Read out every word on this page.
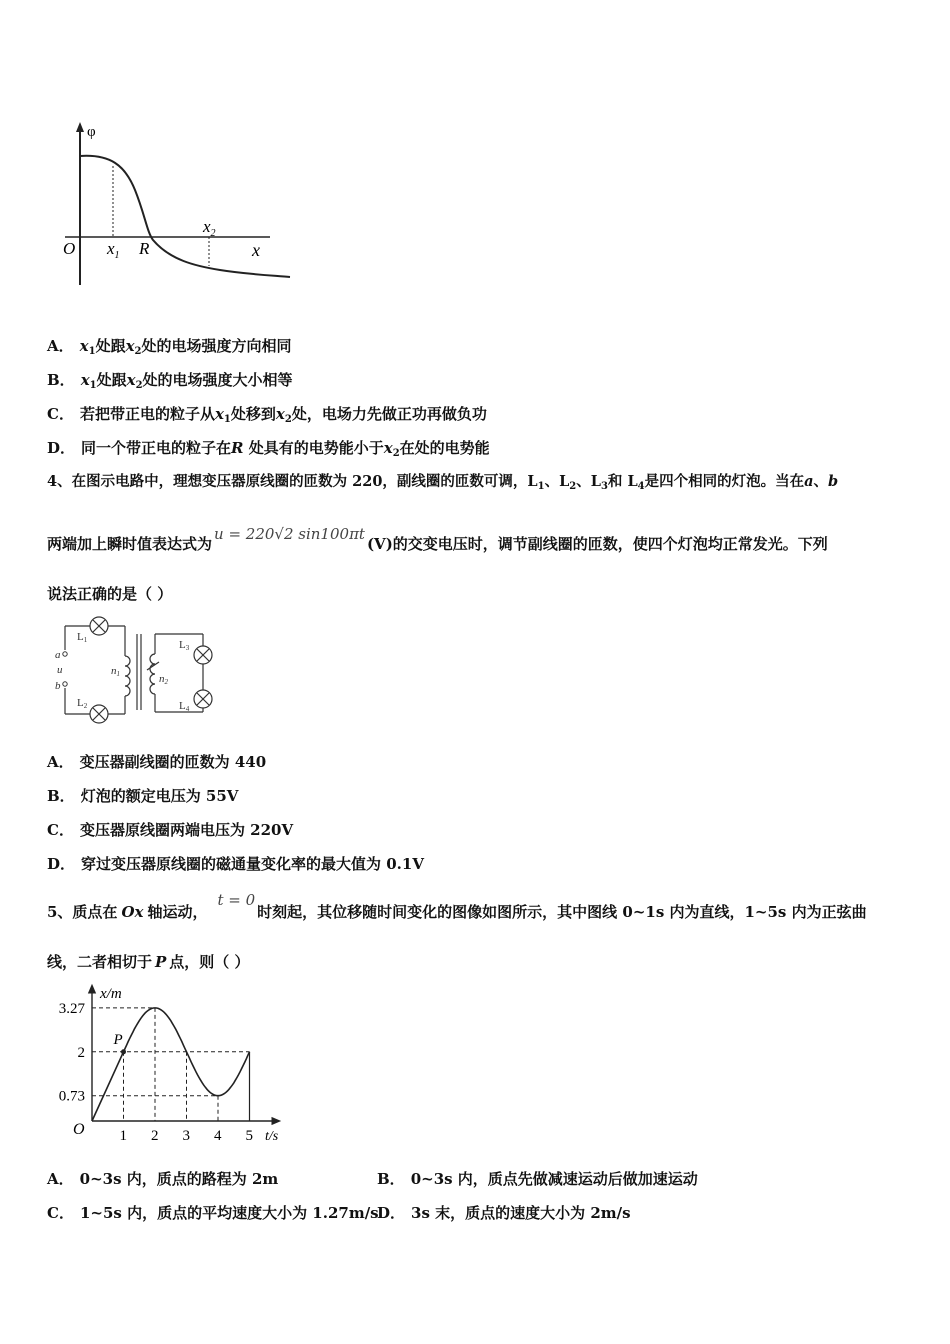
φ
O $x_1$ R
$x_2$
x
A． $x_1$处跟$x_2$处的电场强度方向相同
B． $x_1$处跟$x_2$处的电场强度大小相等
C． 若把带正电的粒子从$x_1$处移到$x_2$处，电场力先做正功再做负功
D． 同一个带正电的粒子在R 处具有的电势能小于$x_2$在处的电势能
4、在图示电路中，理想变压器原线圈的匝数为 220，副线圈的匝数可调，$L_1$、$L_2$、$L_3$和 $L_4$是四个相同的灯泡。当在a、b
两端加上瞬时值表达式为u = 220√2 sin100πt(V)的交变电压时，调节副线圈的匝数，使四个灯泡均正常发光。下列
说法正确的是（ ）
L1
L2
L3
L4
a
u
b
n1	n2
A． 变压器副线圈的匝数为 440
B． 灯泡的额定电压为 55V
C． 变压器原线圈两端电压为 220V
D． 穿过变压器原线圈的磁通量变化率的最大值为 0.1V
5、质点在 Ox 轴运动，t = 0时刻起，其位移随时间变化的图像如图所示，其中图线 0~1s 内为直线，1~5s 内为正弦曲
线，二者相切于 P 点，则（ ）
1 2 3 4 5
3.27
2
0.73
x/m
t/s
O
P
A． 0~3s 内，质点的路程为 2m	B． 0~3s 内，质点先做减速运动后做加速运动
C． 1~5s 内，质点的平均速度大小为 1.27m/s
D． 3s 末，质点的速度大小为 2m/s
